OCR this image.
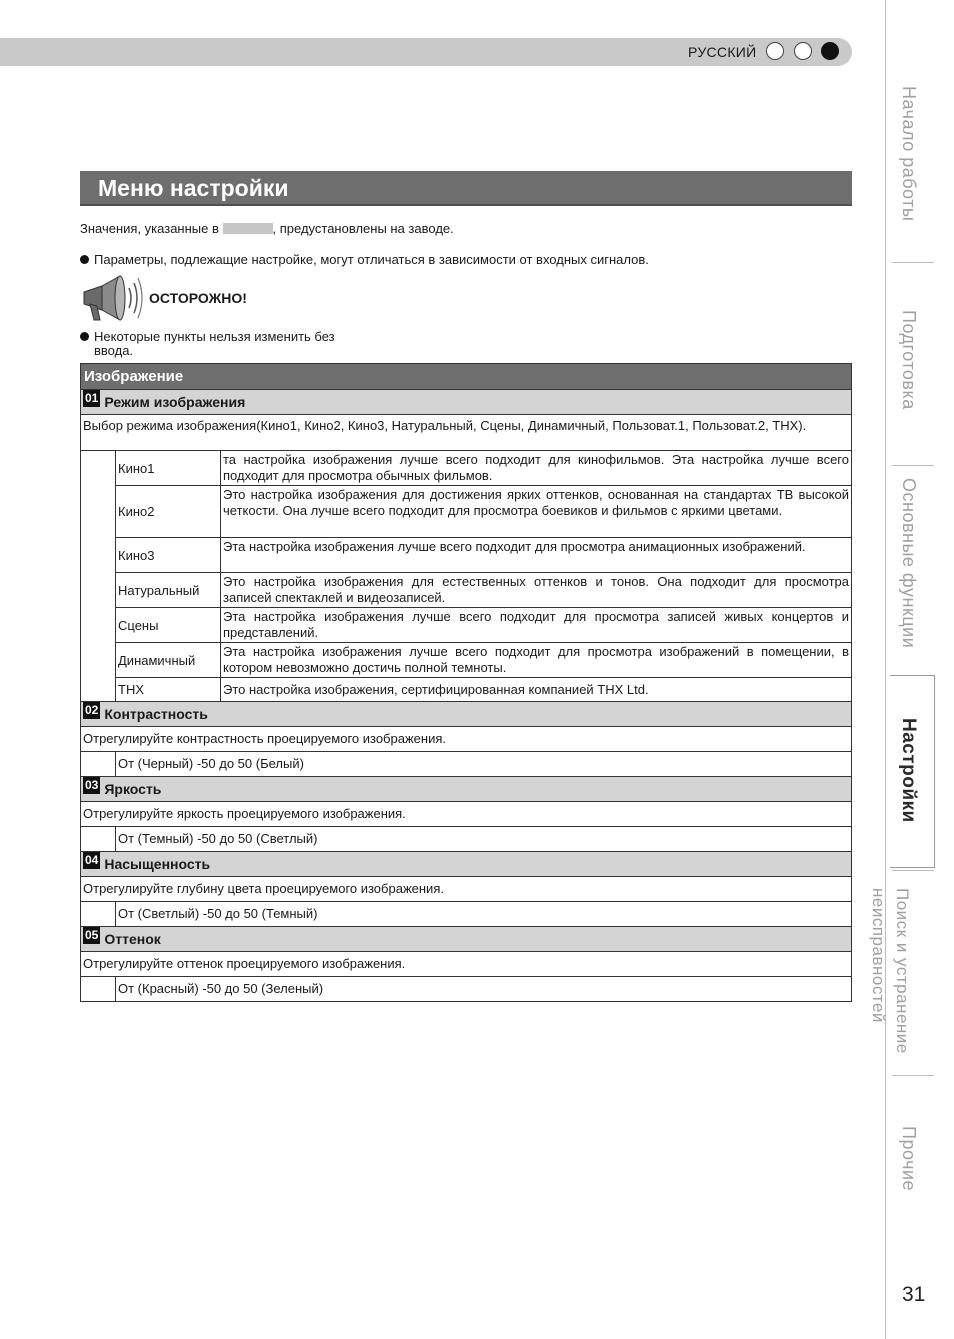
РУССКИЙ
Меню настройки
Значения, указанные в	, предустановлены на заводе.
Параметры, подлежащие настройке, могут отличаться в зависимости от входных сигналов.
ОСТОРОЖНО!
Некоторые пункты нельзя изменить без ввода.
Изображение
01 Режим изображения
Выбор режима изображения(Кино1, Кино2, Кино3, Натуральный, Сцены, Динамичный, Пользоват.1, Пользоват.2, THX).
Кино1
та настройка изображения лучше всего подходит для кинофильмов. Эта настройка лучше всего подходит для просмотра обычных фильмов.
Кино2
Это настройка изображения для достижения ярких оттенков, основанная на стандартах ТВ высокой четкости. Она лучше всего подходит для просмотра боевиков и фильмов с яркими цветами.
Кино3
Эта настройка изображения лучше всего подходит для просмотра анимационных изображений.
Натуральный
Это настройка изображения для естественных оттенков и тонов. Она подходит для просмотра записей спектаклей и видеозаписей.
Сцены
Эта настройка изображения лучше всего подходит для просмотра записей живых концертов и представлений.
Динамичный
Эта настройка изображения лучше всего подходит для просмотра изображений в помещении, в котором невозможно достичь полной темноты.
THX	Это настройка изображения, сертифицированная компанией THX Ltd.
02 Контрастность
Отрегулируйте контрастность проецируемого изображения.
От (Черный) -50 до 50 (Белый)
03 Яркость
Отрегулируйте яркость проецируемого изображения.
От (Темный) -50 до 50 (Светлый)
04 Насыщенность
Отрегулируйте глубину цвета проецируемого изображения.
От (Светлый) -50 до 50 (Темный)
05 Оттенок
Отрегулируйте оттенок проецируемого изображения.
От (Красный) -50 до 50 (Зеленый)
Начало работы
Подготовка
Основные функции
Настройки
Поиск и устранение неисправностей
Прочие
31
